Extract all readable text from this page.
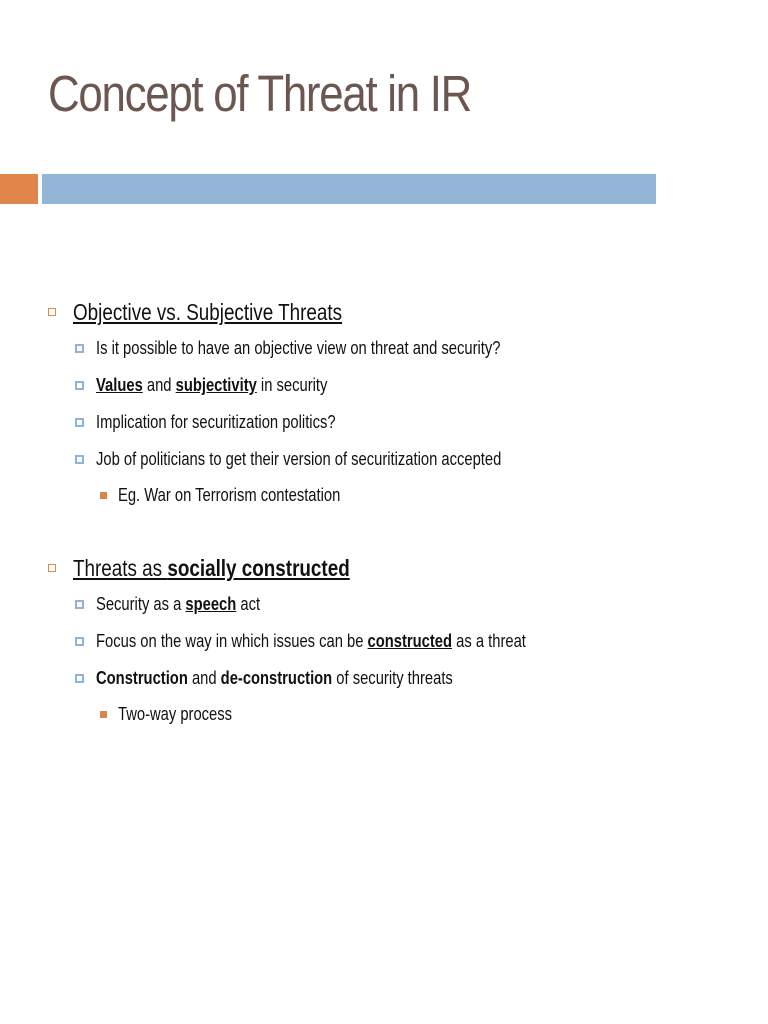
Concept of Threat in IR
Objective vs. Subjective Threats
Is it possible to have an objective view on threat and security?
Values and subjectivity in security
Implication for securitization politics?
Job of politicians to get their version of securitization accepted
Eg. War on Terrorism contestation
Threats as socially constructed
Security as a speech act
Focus on the way in which issues can be constructed as a threat
Construction and de-construction of security threats
Two-way process
